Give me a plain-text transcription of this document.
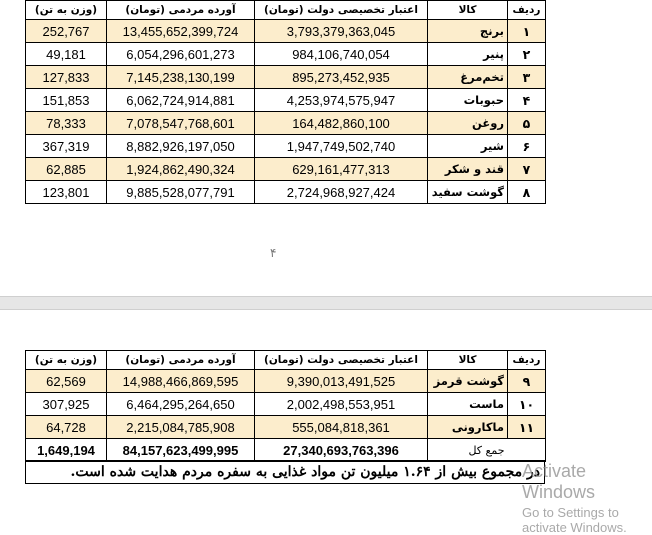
ردیف	کالا	اعتبار تخصیصی دولت (تومان)	آورده مردمی (تومان)	(وزن به تن)
۱	برنج	3,793,379,363,045	13,455,652,399,724	252,767
۲	پنیر	984,106,740,054	6,054,296,601,273	49,181
۳	تخم‌مرغ	895,273,452,935	7,145,238,130,199	127,833
۴	حبوبات	4,253,974,575,947	6,062,724,914,881	151,853
۵	روغن	164,482,860,100	7,078,547,768,601	78,333
۶	شیر	1,947,749,502,740	8,882,926,197,050	367,319
۷	قند و شکر	629,161,477,313	1,924,862,490,324	62,885
۸	گوشت سفید	2,724,968,927,424	9,885,528,077,791	123,801
۴
ردیف	کالا	اعتبار تخصیصی دولت (تومان)	آورده مردمی (تومان)	(وزن به تن)
۹	گوشت قرمز	9,390,013,491,525	14,988,466,869,595	62,569
۱۰	ماست	2,002,498,553,951	6,464,295,264,650	307,925
۱۱	ماکارونی	555,084,818,361	2,215,084,785,908	64,728
جمع کل		27,340,693,763,396	84,157,623,499,995	1,649,194
در مجموع بیش از ۱.۶۴ میلیون تن مواد غذایی به سفره مردم هدایت شده است.
Activate Windows
Go to Settings to activate Windows.
